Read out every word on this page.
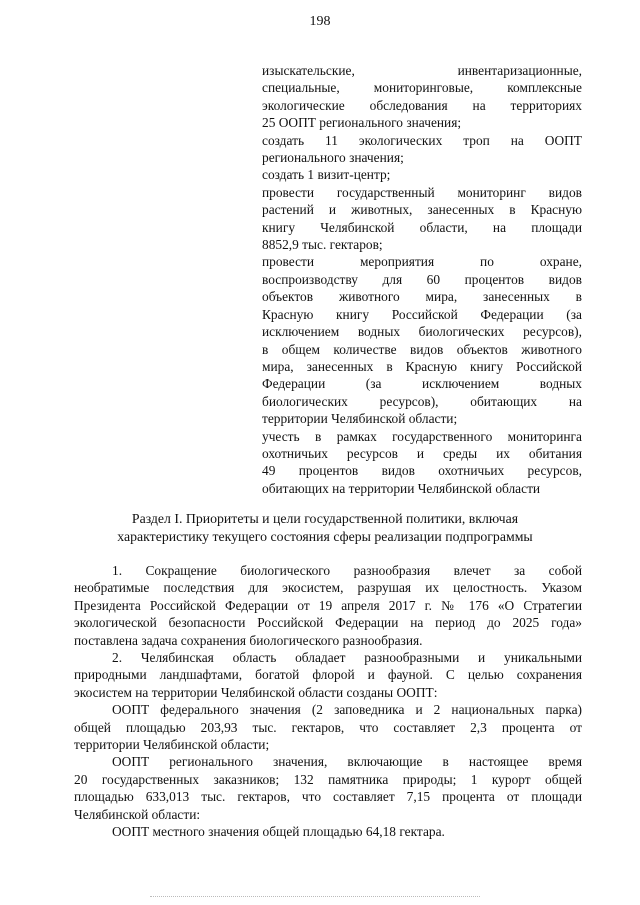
198
изыскательские, инвентаризационные,
специальные, мониторинговые, комплексные
экологические обследования на территориях
25 ООПТ регионального значения;
создать 11 экологических троп на ООПТ
регионального значения;
создать 1 визит-центр;
провести государственный мониторинг видов
растений и животных, занесенных в Красную
книгу Челябинской области, на площади
8852,9 тыс. гектаров;
провести мероприятия по охране,
воспроизводству для 60 процентов видов
объектов животного мира, занесенных в
Красную книгу Российской Федерации (за
исключением водных биологических ресурсов),
в общем количестве видов объектов животного
мира, занесенных в Красную книгу Российской
Федерации (за исключением водных
биологических ресурсов), обитающих на
территории Челябинской области;
учесть в рамках государственного мониторинга
охотничьих ресурсов и среды их обитания
49 процентов видов охотничьих ресурсов,
обитающих на территории Челябинской области
Раздел I. Приоритеты и цели государственной политики, включая
характеристику текущего состояния сферы реализации подпрограммы
1. Сокращение биологического разнообразия влечет за собой
необратимые последствия для экосистем, разрушая их целостность. Указом
Президента Российской Федерации от 19 апреля 2017 г. № 176 «О Стратегии
экологической безопасности Российской Федерации на период до 2025 года»
поставлена задача сохранения биологического разнообразия.
2. Челябинская область обладает разнообразными и уникальными
природными ландшафтами, богатой флорой и фауной. С целью сохранения
экосистем на территории Челябинской области созданы ООПТ:
ООПТ федерального значения (2 заповедника и 2 национальных парка)
общей площадью 203,93 тыс. гектаров, что составляет 2,3 процента от
территории Челябинской области;
ООПТ регионального значения, включающие в настоящее время
20 государственных заказников; 132 памятника природы; 1 курорт общей
площадью 633,013 тыс. гектаров, что составляет 7,15 процента от площади
Челябинской области:
ООПТ местного значения общей площадью 64,18 гектара.
